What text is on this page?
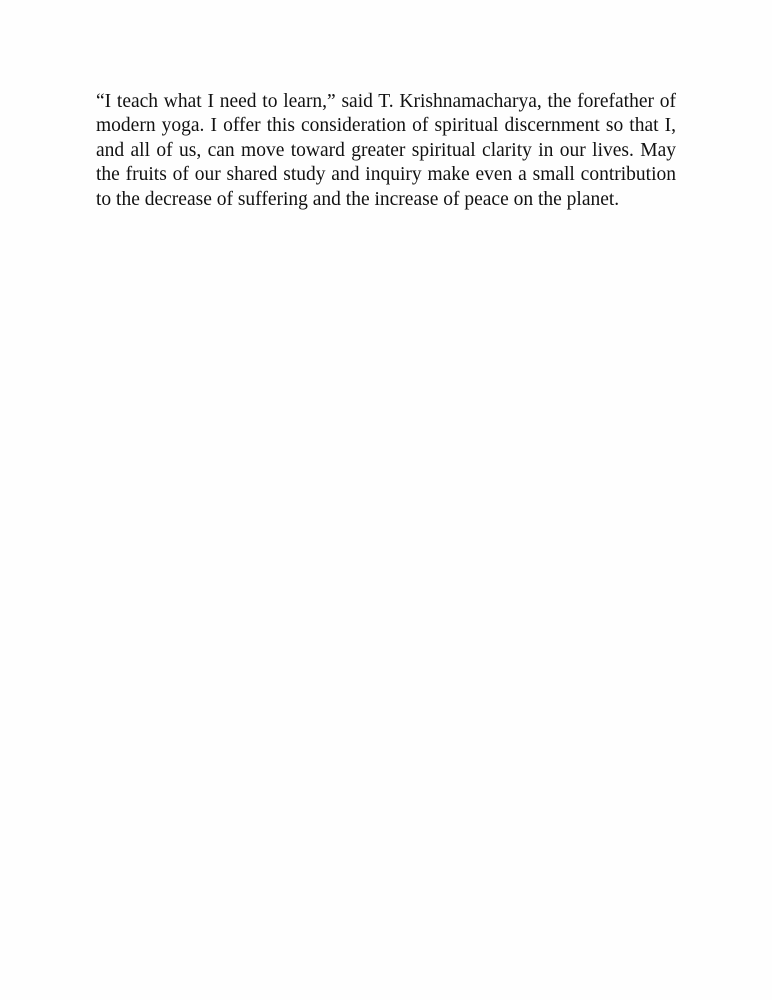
“I teach what I need to learn,” said T. Krishnamacharya, the forefather of modern yoga. I offer this consideration of spiritual discernment so that I, and all of us, can move toward greater spiritual clarity in our lives. May the fruits of our shared study and inquiry make even a small contribution to the decrease of suffering and the increase of peace on the planet.
